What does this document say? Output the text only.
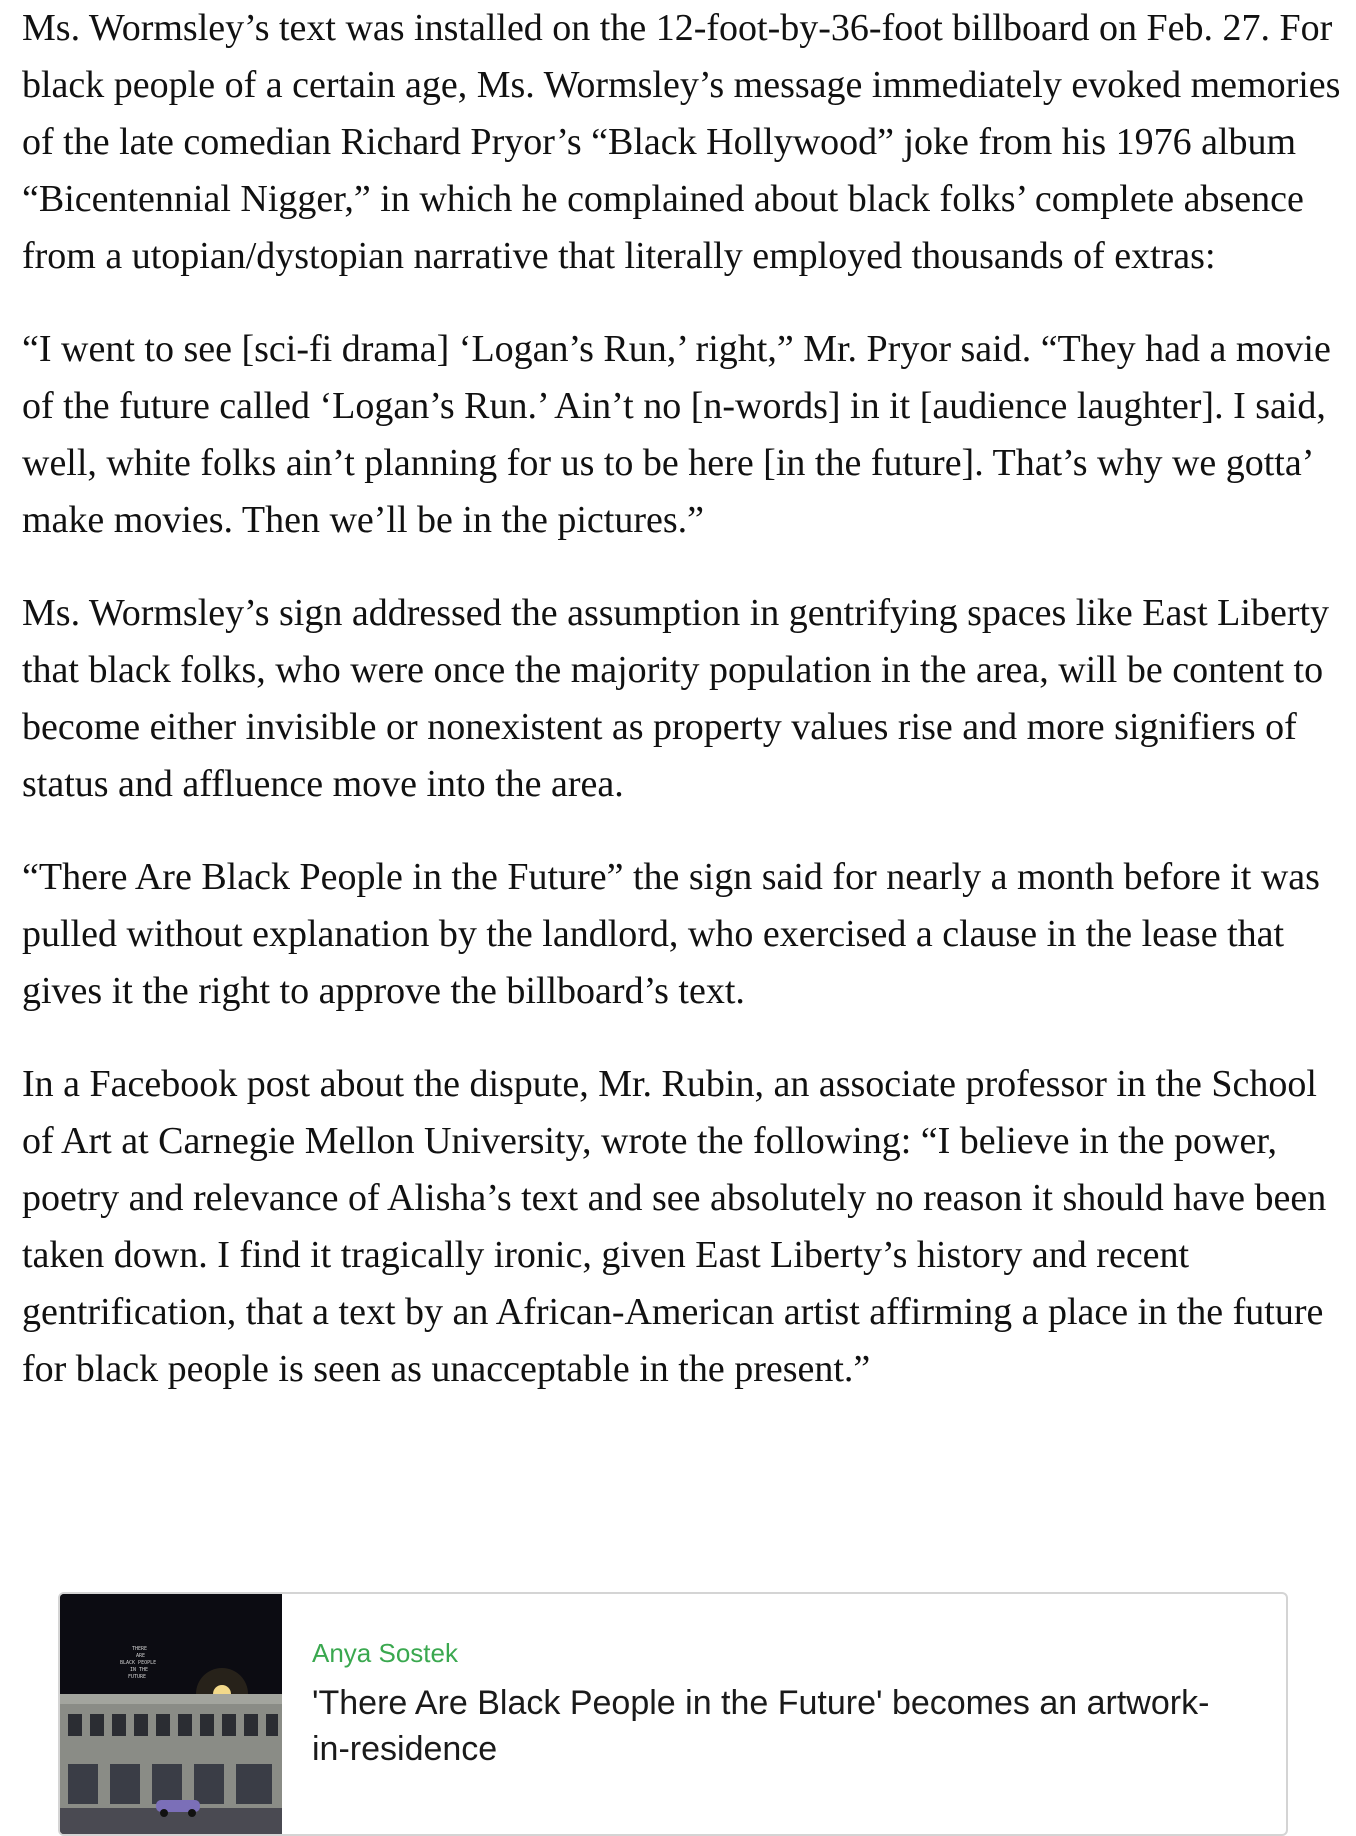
Ms. Wormsley’s text was installed on the 12-foot-by-36-foot billboard on Feb. 27. For black people of a certain age, Ms. Wormsley’s message immediately evoked memories of the late comedian Richard Pryor’s “Black Hollywood” joke from his 1976 album “Bicentennial Nigger,” in which he complained about black folks’ complete absence from a utopian/dystopian narrative that literally employed thousands of extras:

“I went to see [sci-fi drama] ‘Logan’s Run,’ right,” Mr. Pryor said. “They had a movie of the future called ‘Logan’s Run.’ Ain’t no [n-words] in it [audience laughter]. I said, well, white folks ain’t planning for us to be here [in the future]. That’s why we gotta’ make movies. Then we’ll be in the pictures.”

Ms. Wormsley’s sign addressed the assumption in gentrifying spaces like East Liberty that black folks, who were once the majority population in the area, will be content to become either invisible or nonexistent as property values rise and more signifiers of status and affluence move into the area.

“There Are Black People in the Future” the sign said for nearly a month before it was pulled without explanation by the landlord, who exercised a clause in the lease that gives it the right to approve the billboard’s text.

In a Facebook post about the dispute, Mr. Rubin, an associate professor in the School of Art at Carnegie Mellon University, wrote the following: “I believe in the power, poetry and relevance of Alisha’s text and see absolutely no reason it should have been taken down. I find it tragically ironic, given East Liberty’s history and recent gentrification, that a text by an African-American artist affirming a place in the future for black people is seen as unacceptable in the present.”

THERE
ARE
BLACK PEOPLE
IN THE
FUTURE
Anya Sostek
'There Are Black People in the Future' becomes an artwork-in-residence
